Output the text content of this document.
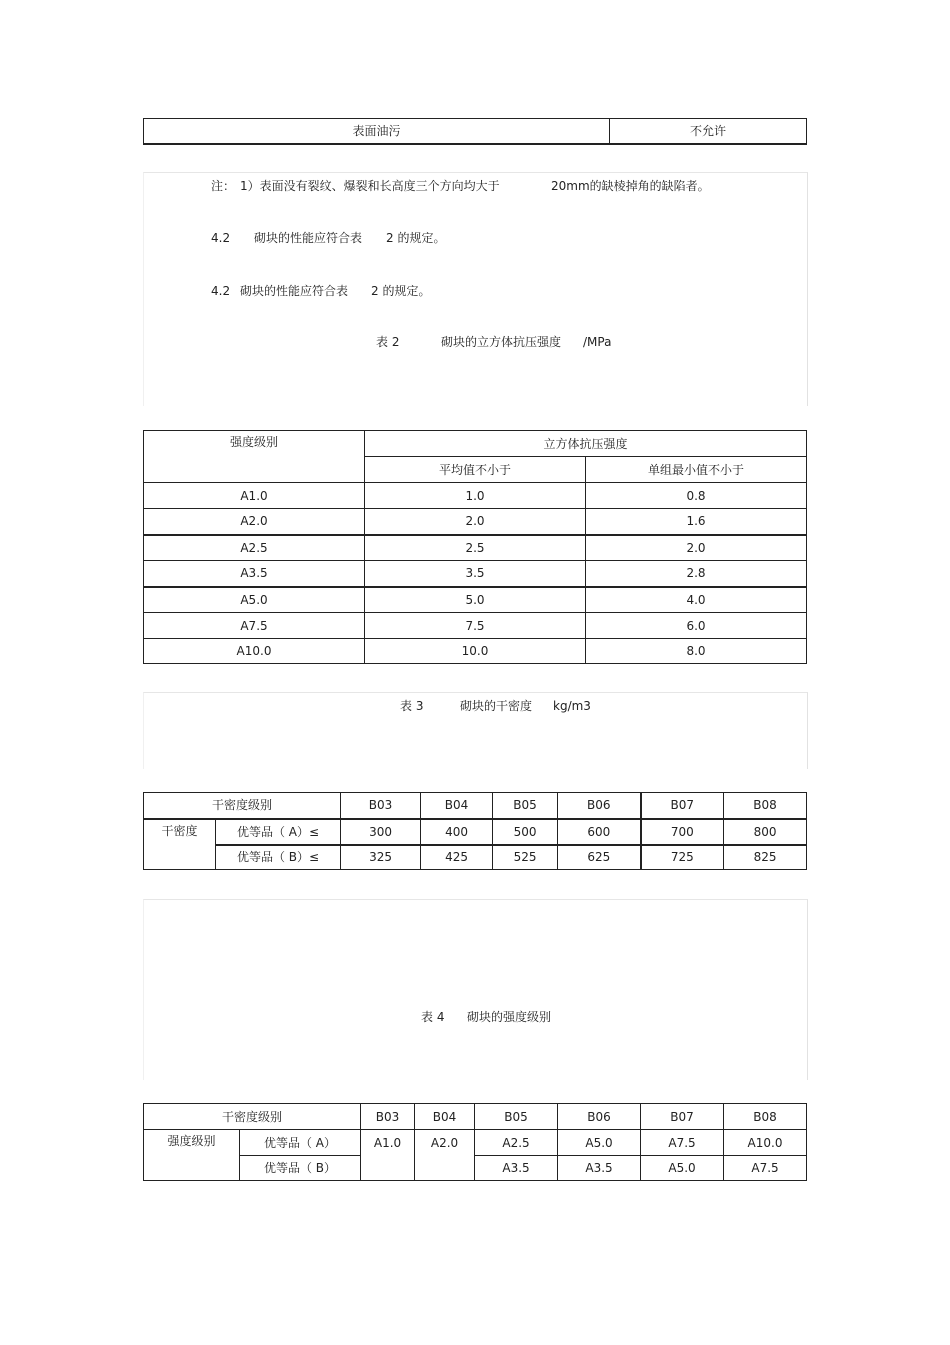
表面油污	不允许
注： 1）表面没有裂纹、爆裂和长高度三个方向均大于	20mm的缺棱掉角的缺陷者。
4.2 砌块的性能应符合表 2 的规定。
4.2 砌块的性能应符合表 2 的规定。
表 2	砌块的立方体抗压强度 /MPa
强度级别	立方体抗压强度	
	平均值不小于	单组最小值不小于
A1.0	1.0	0.8
A2.0	2.0	1.6
A2.5	2.5	2.0
A3.5	3.5	2.8
A5.0	5.0	4.0
A7.5	7.5	6.0
A10.0	10.0	8.0
表 3	砌块的干密度 kg/m3
干密度级别		B03	B04	B05	B06	B07	B08
干密度	优等品（ A）≤	300	400	500	600	700	800
	优等品（ B）≤	325	425	525	625	725	825
表 4 砌块的强度级别
干密度级别		B03	B04	B05	B06	B07	B08
强度级别	优等品（ A）	A1.0	A2.0	A2.5	A5.0	A7.5	A10.0
	优等品（ B）			A3.5	A3.5	A5.0	A7.5
